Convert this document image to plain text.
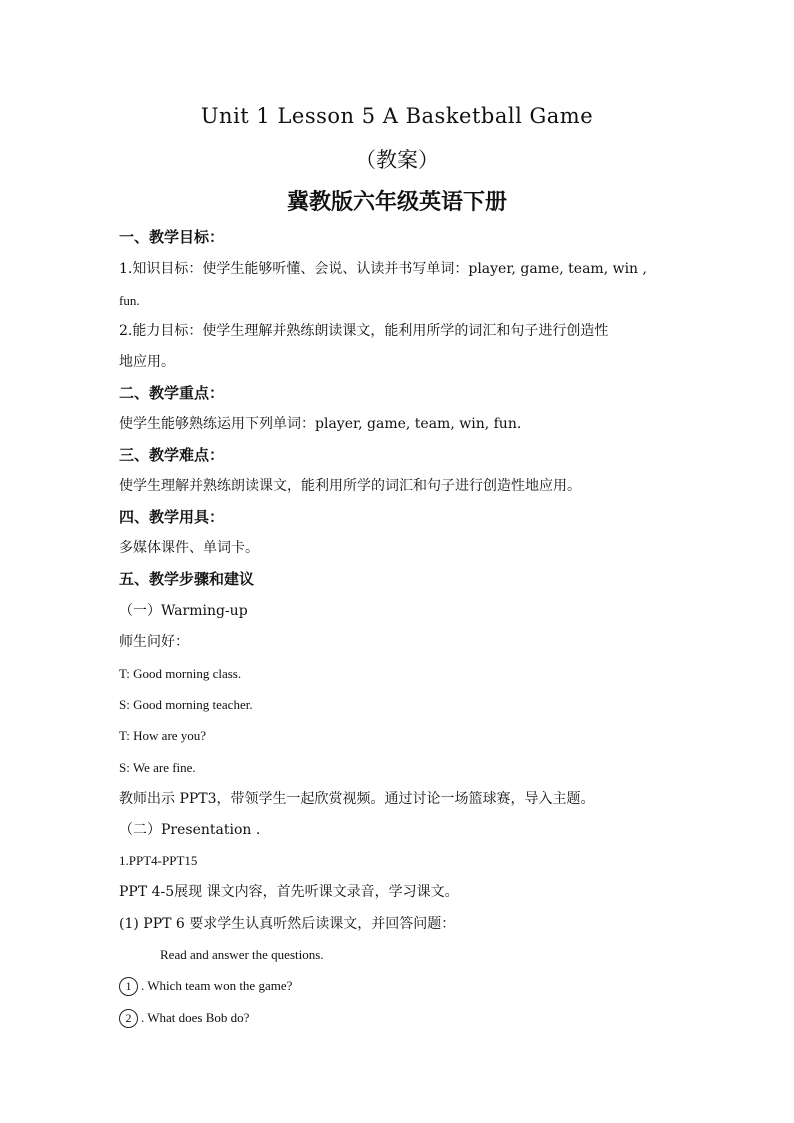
Unit 1 Lesson 5 A Basketball Game
（教案）
冀教版六年级英语下册
一、教学目标：
1.知识目标：使学生能够听懂、会说、认读并书写单词：player, game, team, win ,
fun.
2.能力目标：使学生理解并熟练朗读课文，能利用所学的词汇和句子进行创造性
地应用。
二、教学重点：
使学生能够熟练运用下列单词：player, game, team, win, fun.
三、教学难点：
使学生理解并熟练朗读课文，能利用所学的词汇和句子进行创造性地应用。
四、教学用具：
多媒体课件、单词卡。
五、教学步骤和建议
（一）Warming-up
师生问好：
T: Good morning class.
S: Good morning teacher.
T: How are you?
S: We are fine.
教师出示 PPT3，带领学生一起欣赏视频。通过讨论一场篮球赛，导入主题。
（二）Presentation .
1.PPT4-PPT15
PPT 4-5展现 课文内容，首先听课文录音，学习课文。
(1) PPT 6 要求学生认真听然后读课文，并回答问题：
Read and answer the questions.
1 . Which team won the game?
2 . What does Bob do?
